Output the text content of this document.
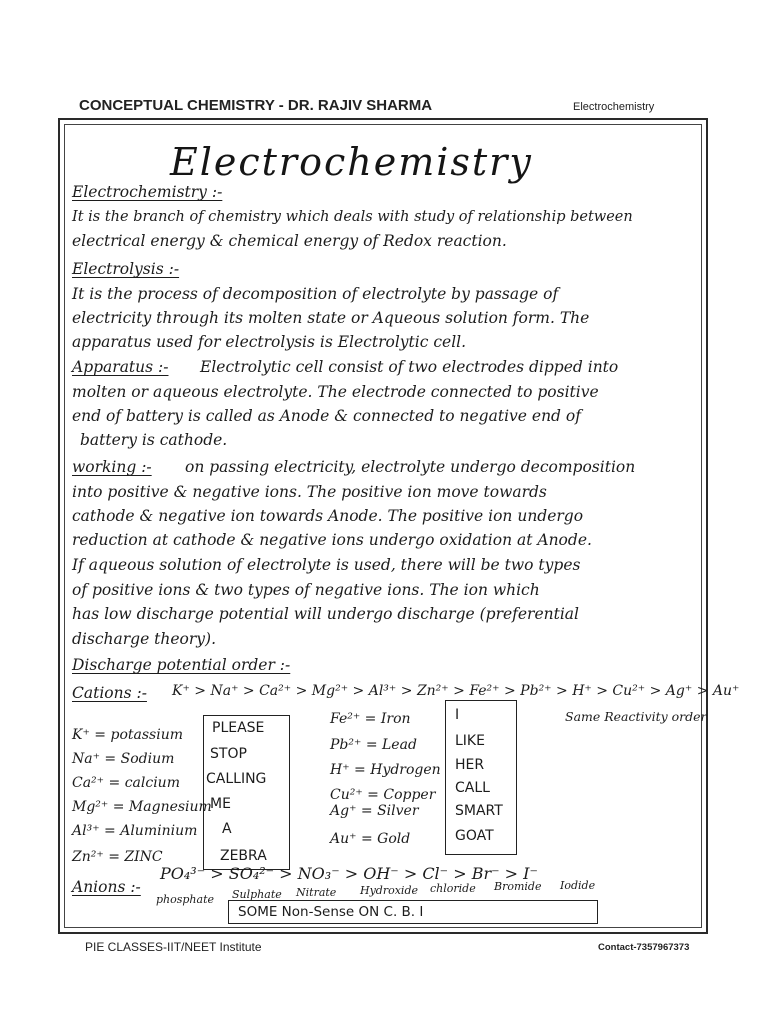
CONCEPTUAL CHEMISTRY - DR. RAJIV SHARMA	Electrochemistry
Electrochemistry
Electrochemistry :-
It is the branch of chemistry which deals with study of relationship between
electrical energy & chemical energy of Redox reaction.
Electrolysis :-
It is the process of decomposition of electrolyte by passage of
electricity through its molten state or Aqueous solution form. The
apparatus used for electrolysis is Electrolytic cell.
Apparatus :- Electrolytic cell consist of two electrodes dipped into
molten or aqueous electrolyte. The electrode connected to positive
end of battery is called as Anode & connected to negative end of
battery is cathode.
working :- on passing electricity, electrolyte undergo decomposition
into positive & negative ions. The positive ion move towards
cathode & negative ion towards Anode. The positive ion undergo
reduction at cathode & negative ions undergo oxidation at Anode.
If aqueous solution of electrolyte is used, there will be two types
of positive ions & two types of negative ions. The ion which
has low discharge potential will undergo discharge (preferential
discharge theory).
Discharge potential order :-
Cations :- K⁺ > Na⁺ > Ca²⁺ > Mg²⁺ > Al³⁺ > Zn²⁺ > Fe²⁺ > Pb²⁺ > H⁺ > Cu²⁺ > Ag⁺ > Au⁺
Same Reactivity order
K⁺ = potassium
Na⁺ = Sodium
Ca²⁺ = calcium
Mg²⁺ = Magnesium
Al³⁺ = Aluminium
Zn²⁺ = ZINC
PLEASE
STOP
CALLING
ME
A
ZEBRA
Fe²⁺ = Iron
Pb²⁺ = Lead
H⁺ = Hydrogen
Cu²⁺ = Copper
Ag⁺ = Silver
Au⁺ = Gold
I
LIKE
HER
CALL
SMART
GOAT
Anions :-
PO₄³⁻ > SO₄²⁻ > NO₃⁻ > OH⁻ > Cl⁻ > Br⁻ > I⁻
phosphate Sulphate Nitrate Hydroxide chloride Bromide Iodide
SOME Non-Sense ON C. B. I
PIE CLASSES-IIT/NEET Institute	Contact-7357967373
